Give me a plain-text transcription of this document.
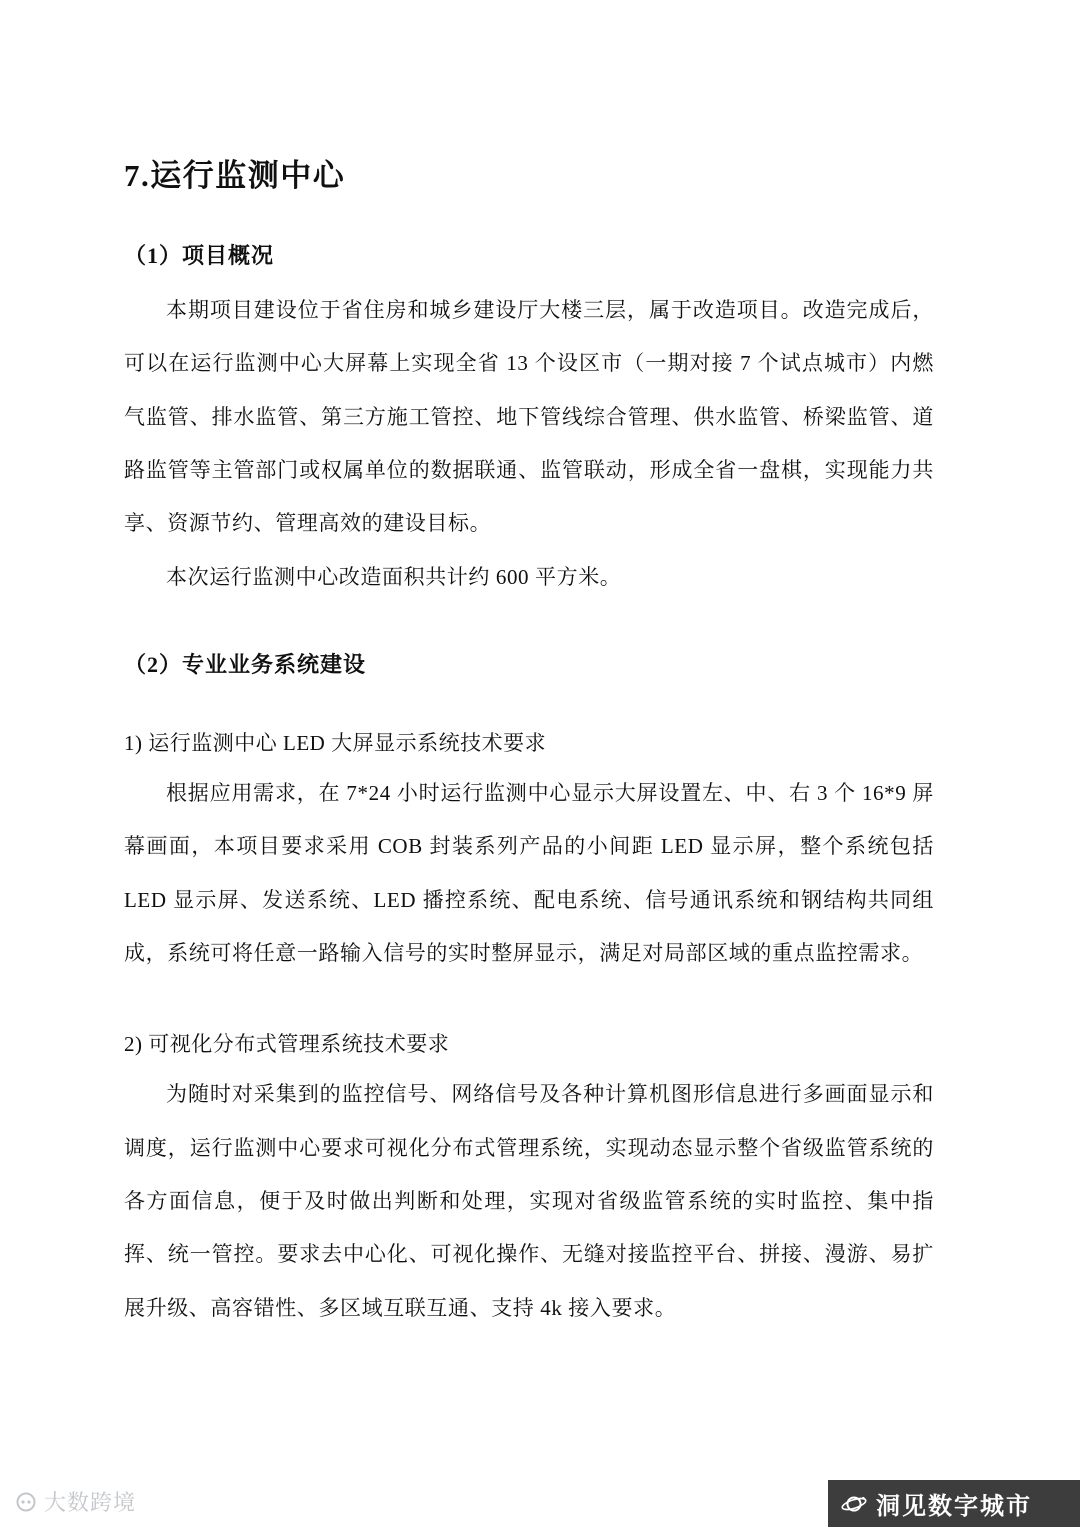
7.运行监测中心
（1）项目概况

本期项目建设位于省住房和城乡建设厅大楼三层，属于改造项目。改造完成后，可以在运行监测中心大屏幕上实现全省 13 个设区市（一期对接 7 个试点城市）内燃气监管、排水监管、第三方施工管控、地下管线综合管理、供水监管、桥梁监管、道路监管等主管部门或权属单位的数据联通、监管联动，形成全省一盘棋，实现能力共享、资源节约、管理高效的建设目标。

本次运行监测中心改造面积共计约 600 平方米。

（2）专业业务系统建设
1) 运行监测中心 LED 大屏显示系统技术要求

根据应用需求，在 7*24 小时运行监测中心显示大屏设置左、中、右 3 个 16*9 屏幕画面，本项目要求采用 COB 封装系列产品的小间距 LED 显示屏，整个系统包括 LED 显示屏、发送系统、LED 播控系统、配电系统、信号通讯系统和钢结构共同组成，系统可将任意一路输入信号的实时整屏显示，满足对局部区域的重点监控需求。

2) 可视化分布式管理系统技术要求

为随时对采集到的监控信号、网络信号及各种计算机图形信息进行多画面显示和调度，运行监测中心要求可视化分布式管理系统，实现动态显示整个省级监管系统的各方面信息，便于及时做出判断和处理，实现对省级监管系统的实时监控、集中指挥、统一管控。要求去中心化、可视化操作、无缝对接监控平台、拼接、漫游、易扩展升级、高容错性、多区域互联互通、支持 4k 接入要求。

大数跨境	洞见数字城市
